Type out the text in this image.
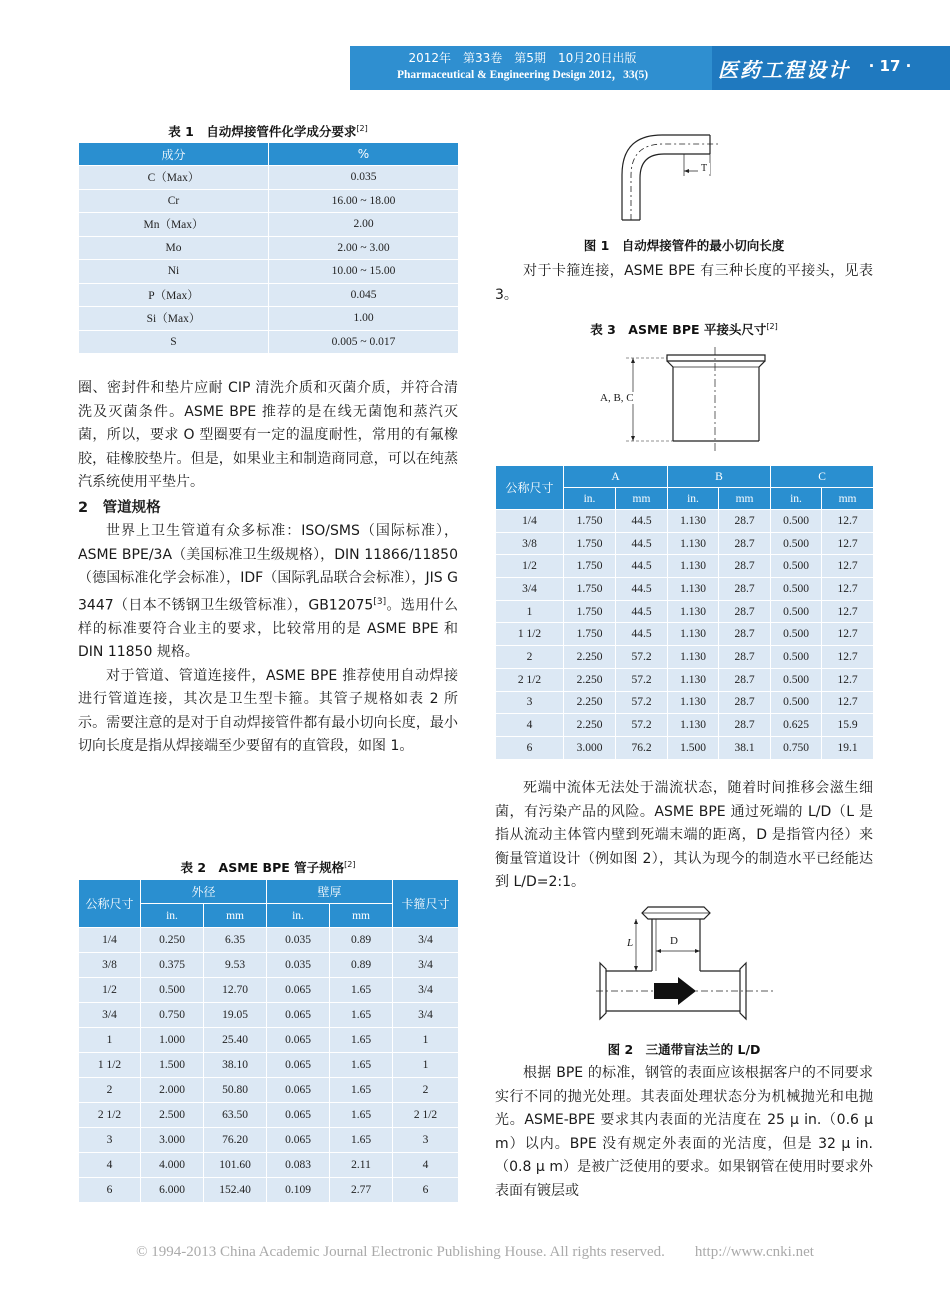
2012年　第33卷　第5期　10月20日出版
Pharmaceutical & Engineering Design 2012，33(5)	医药工程设计	· 17 ·
表 1　自动焊接管件化学成分要求[2]
成分	%
C（Max）	0.035
Cr	16.00 ~ 18.00
Mn（Max）	2.00
Mo	2.00 ~ 3.00
Ni	10.00 ~ 15.00
P（Max）	0.045
Si（Max）	1.00
S	0.005 ~ 0.017

圈、密封件和垫片应耐 CIP 清洗介质和灭菌介质，并符合清洗及灭菌条件。ASME BPE 推荐的是在线无菌饱和蒸汽灭菌，所以，要求 O 型圈要有一定的温度耐性，常用的有氟橡胶，硅橡胶垫片。但是，如果业主和制造商同意，可以在纯蒸汽系统使用平垫片。

2　管道规格

世界上卫生管道有众多标准：ISO/SMS（国际标准），ASME BPE/3A（美国标准卫生级规格），DIN 11866/11850（德国标准化学会标准），IDF（国际乳品联合会标准），JIS G 3447（日本不锈钢卫生级管标准），GB12075[3]。选用什么样的标准要符合业主的要求，比较常用的是 ASME BPE 和 DIN 11850 规格。

对于管道、管道连接件，ASME BPE 推荐使用自动焊接进行管道连接，其次是卫生型卡箍。其管子规格如表 2 所示。需要注意的是对于自动焊接管件都有最小切向长度，最小切向长度是指从焊接端至少要留有的直管段，如图 1。

表 2　ASME BPE 管子规格[2]
公称尺寸	外径		壁厚		卡箍尺寸
	in.	mm	in.	mm	
1/4	0.250	6.35	0.035	0.89	3/4
3/8	0.375	9.53	0.035	0.89	3/4
1/2	0.500	12.70	0.065	1.65	3/4
3/4	0.750	19.05	0.065	1.65	3/4
1	1.000	25.40	0.065	1.65	1
1 1/2	1.500	38.10	0.065	1.65	1
2	2.000	50.80	0.065	1.65	2
2 1/2	2.500	63.50	0.065	1.65	2 1/2
3	3.000	76.20	0.065	1.65	3
4	4.000	101.60	0.083	2.11	4
6	6.000	152.40	0.109	2.77	6
T
图 1　自动焊接管件的最小切向长度
对于卡箍连接，ASME BPE 有三种长度的平接头，见表 3。
表 3　ASME BPE 平接头尺寸[2]
A, B, C
公称尺寸	A		B		C	
	in.	mm	in.	mm	in.	mm
1/4	1.750	44.5	1.130	28.7	0.500	12.7
3/8	1.750	44.5	1.130	28.7	0.500	12.7
1/2	1.750	44.5	1.130	28.7	0.500	12.7
3/4	1.750	44.5	1.130	28.7	0.500	12.7
1	1.750	44.5	1.130	28.7	0.500	12.7
1 1/2	1.750	44.5	1.130	28.7	0.500	12.7
2	2.250	57.2	1.130	28.7	0.500	12.7
2 1/2	2.250	57.2	1.130	28.7	0.500	12.7
3	2.250	57.2	1.130	28.7	0.500	12.7
4	2.250	57.2	1.130	28.7	0.625	15.9
6	3.000	76.2	1.500	38.1	0.750	19.1
死端中流体无法处于湍流状态，随着时间推移会滋生细菌，有污染产品的风险。ASME BPE 通过死端的 L/D（L 是指从流动主体管内壁到死端末端的距离，D 是指管内径）来衡量管道设计（例如图 2），其认为现今的制造水平已经能达到 L/D=2:1。
L	D
图 2　三通带盲法兰的 L/D
根据 BPE 的标准，钢管的表面应该根据客户的不同要求实行不同的抛光处理。其表面处理状态分为机械抛光和电抛光。ASME-BPE 要求其内表面的光洁度在 25 μ in.（0.6 μ m）以内。BPE 没有规定外表面的光洁度，但是 32 μ in.（0.8 μ m）是被广泛使用的要求。如果钢管在使用时要求外表面有镀层或
© 1994-2013 China Academic Journal Electronic Publishing House. All rights reserved.　　http://www.cnki.net
